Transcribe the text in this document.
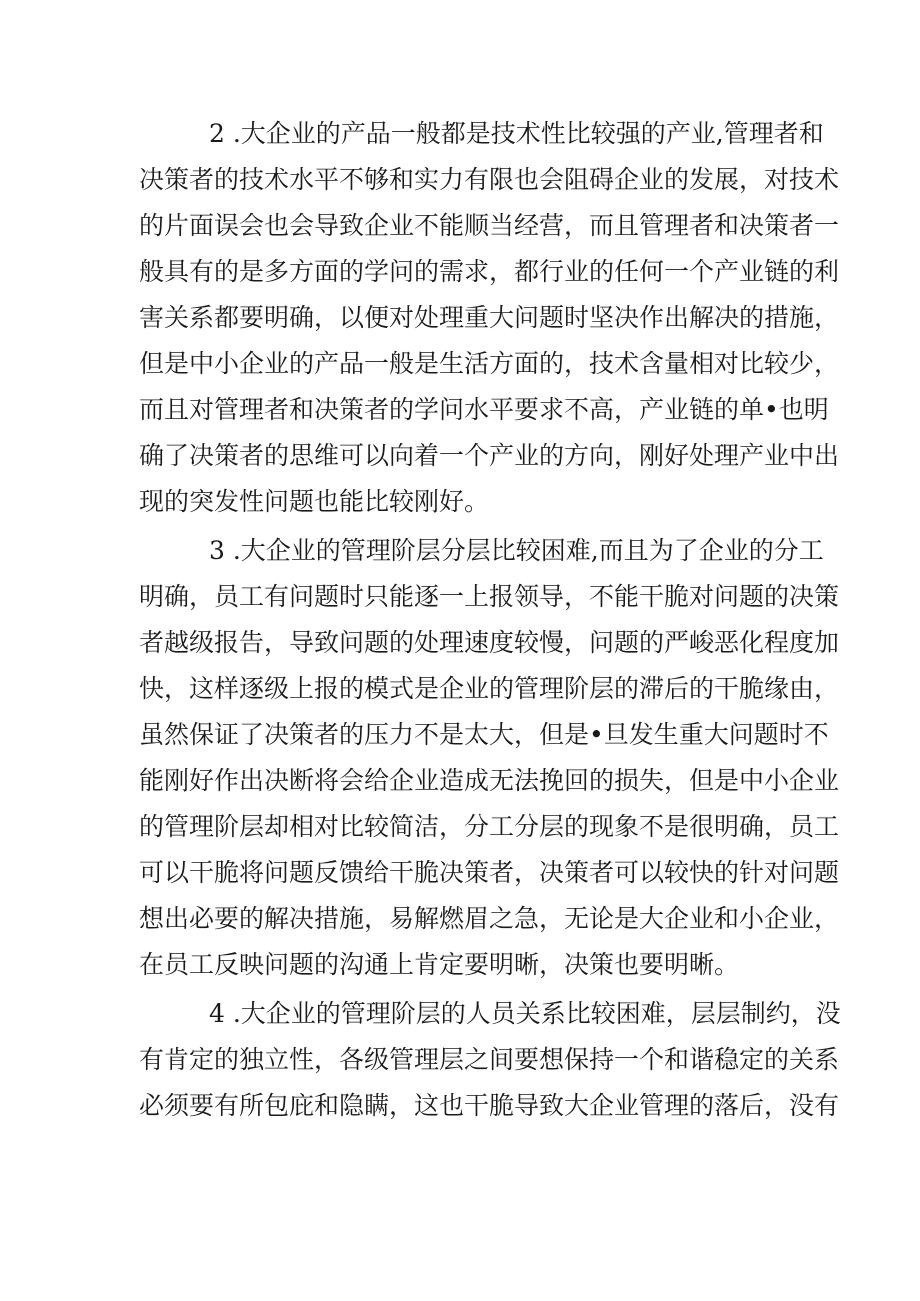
2 .大企业的产品一般都是技术性比较强的产业,管理者和
决策者的技术水平不够和实力有限也会阻碍企业的发展，对技术
的片面误会也会导致企业不能顺当经营，而且管理者和决策者一
般具有的是多方面的学问的需求，都行业的任何一个产业链的利
害关系都要明确，以便对处理重大问题时坚决作出解决的措施，
但是中小企业的产品一般是生活方面的，技术含量相对比较少，
而且对管理者和决策者的学问水平要求不高，产业链的单•也明
确了决策者的思维可以向着一个产业的方向，刚好处理产业中出
现的突发性问题也能比较刚好。

3 .大企业的管理阶层分层比较困难,而且为了企业的分工
明确，员工有问题时只能逐一上报领导，不能干脆对问题的决策
者越级报告，导致问题的处理速度较慢，问题的严峻恶化程度加
快，这样逐级上报的模式是企业的管理阶层的滞后的干脆缘由，
虽然保证了决策者的压力不是太大，但是•旦发生重大问题时不
能刚好作出决断将会给企业造成无法挽回的损失，但是中小企业
的管理阶层却相对比较简洁，分工分层的现象不是很明确，员工
可以干脆将问题反馈给干脆决策者，决策者可以较快的针对问题
想出必要的解决措施，易解燃眉之急，无论是大企业和小企业，
在员工反映问题的沟通上肯定要明晰，决策也要明晰。

4 .大企业的管理阶层的人员关系比较困难，层层制约，没
有肯定的独立性，各级管理层之间要想保持一个和谐稳定的关系
必须要有所包庇和隐瞒，这也干脆导致大企业管理的落后，没有
